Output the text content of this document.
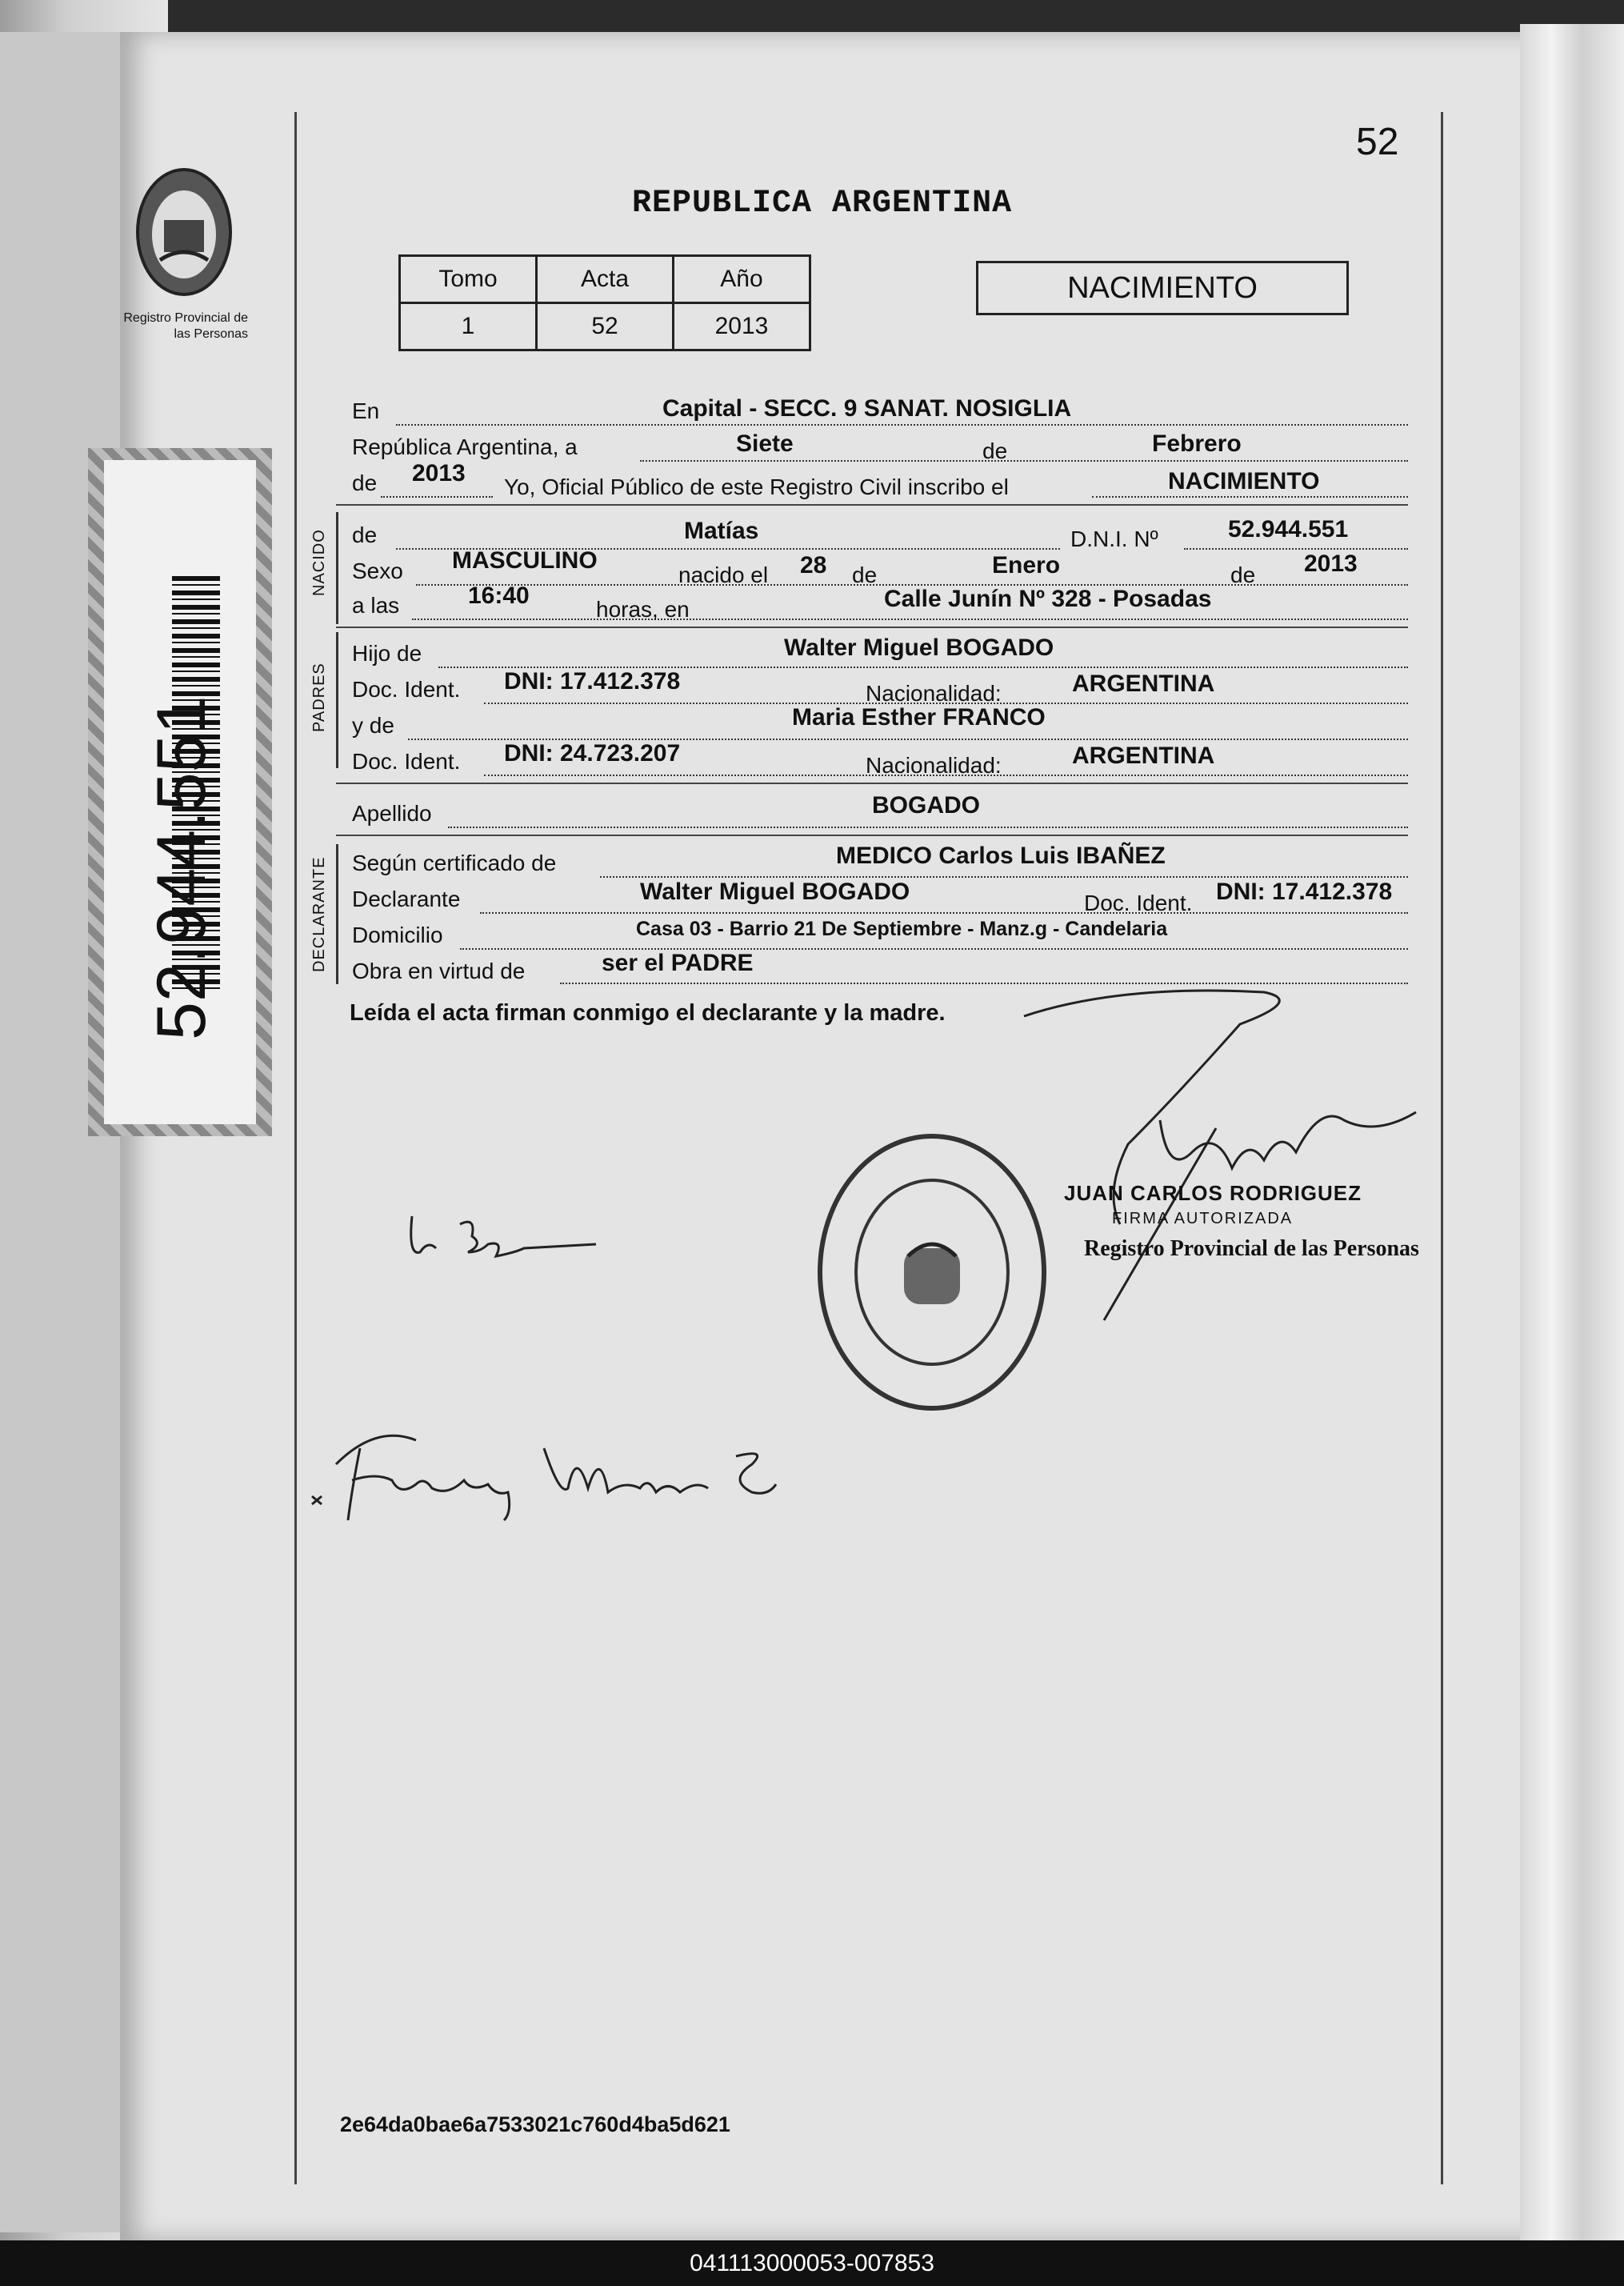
Registro Provincial de las Personas
52.944.551
52
REPUBLICA ARGENTINA
Tomo	Acta	Año
1	52	2013
NACIMIENTO
En	Capital - SECC. 9 SANAT. NOSIGLIA
República Argentina, a	Siete	de	Febrero
de 2013
Yo, Oficial Público de este Registro Civil inscribo el	NACIMIENTO
NACIDO de	Matías	D.N.I. Nº	52.944.551
Sexo MASCULINO
nacido el 28 de	Enero	de 2013
a las	16:40
horas, en	Calle Junín Nº 328 - Posadas
PADRES
Hijo de	Walter Miguel BOGADO
Doc. Ident. DNI: 17.412.378	Nacionalidad:	ARGENTINA
y de	Maria Esther FRANCO
Doc. Ident. DNI: 24.723.207	Nacionalidad:	ARGENTINA
Apellido	BOGADO
DECLARANTE Según certificado de	MEDICO Carlos Luis IBAÑEZ
Declarante	Walter Miguel BOGADO	Doc. Ident. DNI: 17.412.378
Domicilio	Casa 03 - Barrio 21 De Septiembre - Manz.g - Candelaria
Obra en virtud de	ser el PADRE
Leída el acta firman conmigo el declarante y la madre.
JUAN CARLOS RODRIGUEZ
FIRMA AUTORIZADA
Registro Provincial de las Personas
2e64da0bae6a7533021c760d4ba5d621
041113000053-007853
